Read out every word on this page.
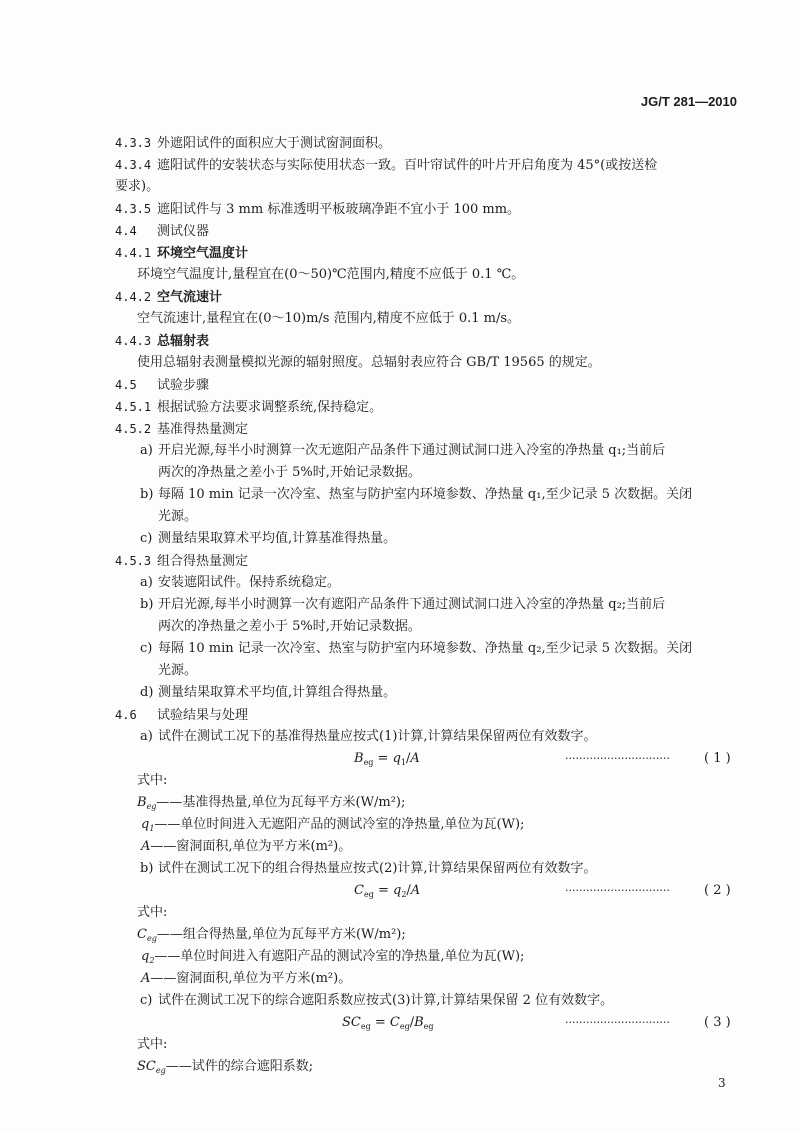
JG/T 281—2010
4.3.3 外遮阳试件的面积应大于测试窗洞面积。
4.3.4 遮阳试件的安装状态与实际使用状态一致。百叶帘试件的叶片开启角度为 45°(或按送检
要求)。
4.3.5 遮阳试件与 3 mm 标准透明平板玻璃净距不宜小于 100 mm。
4.4 测试仪器
4.4.1 环境空气温度计
环境空气温度计,量程宜在(0～50)℃范围内,精度不应低于 0.1 ℃。
4.4.2 空气流速计
空气流速计,量程宜在(0～10)m/s 范围内,精度不应低于 0.1 m/s。
4.4.3 总辐射表
使用总辐射表测量模拟光源的辐射照度。总辐射表应符合 GB/T 19565 的规定。
4.5 试验步骤
4.5.1 根据试验方法要求调整系统,保持稳定。
4.5.2 基准得热量测定
a) 开启光源,每半小时测算一次无遮阳产品条件下通过测试洞口进入冷室的净热量 q₁;当前后
两次的净热量之差小于 5%时,开始记录数据。
b) 每隔 10 min 记录一次冷室、热室与防护室内环境参数、净热量 q₁,至少记录 5 次数据。关闭
光源。
c) 测量结果取算术平均值,计算基准得热量。
4.5.3 组合得热量测定
a) 安装遮阳试件。保持系统稳定。
b) 开启光源,每半小时测算一次有遮阳产品条件下通过测试洞口进入冷室的净热量 q₂;当前后
两次的净热量之差小于 5%时,开始记录数据。
c) 每隔 10 min 记录一次冷室、热室与防护室内环境参数、净热量 q₂,至少记录 5 次数据。关闭
光源。
d) 测量结果取算术平均值,计算组合得热量。
4.6 试验结果与处理
a) 试件在测试工况下的基准得热量应按式(1)计算,计算结果保留两位有效数字。
$B_{eg} = q_1/A$	······························	( 1 )
式中:
$B_{eg}——$基准得热量,单位为瓦每平方米(W/m²);
$q_1——$单位时间进入无遮阳产品的测试冷室的净热量,单位为瓦(W);
A——窗洞面积,单位为平方米(m²)。
b) 试件在测试工况下的组合得热量应按式(2)计算,计算结果保留两位有效数字。
$C_{eg} = q_2/A$	······························	( 2 )
式中:
$C_{eg}——$组合得热量,单位为瓦每平方米(W/m²);
$q_2——$单位时间进入有遮阳产品的测试冷室的净热量,单位为瓦(W);
A——窗洞面积,单位为平方米(m²)。
c) 试件在测试工况下的综合遮阳系数应按式(3)计算,计算结果保留 2 位有效数字。
$SC_{eg} = C_{eg}/B_{eg}$	······························	( 3 )
式中:
$SC_{eg}——$试件的综合遮阳系数;
3
